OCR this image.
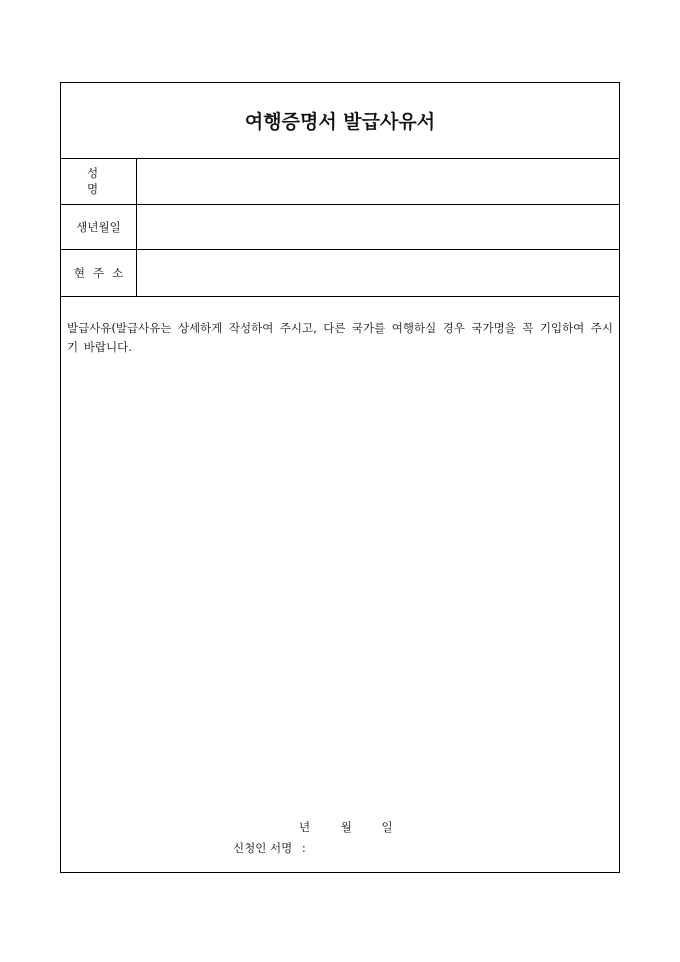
여행증명서 발급사유서
성명
생년월일
현주소
발급사유(발급사유는 상세하게 작성하여 주시고, 다른 국가를 여행하실 경우 국가명을 꼭 기입하여 주시기 바랍니다.
년	월	일
신청인 서명 :
